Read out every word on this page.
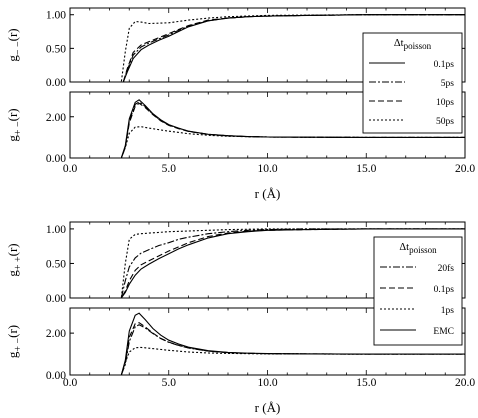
0.00
0.50
1.00
$g_{- -}(r)$
0.00
2.00
$g_{+ -}(r)$
0.0	5.0	10.0	15.0	20.0
r (Å)
Δtpoisson
0.1ps
5ps
10ps
50ps
0.00
0.50
1.00
$g_{+ +}(r)$
0.00
2.00
$g_{+ -}(r)$
0.0	5.0	10.0	15.0	20.0
r (Å)
Δtpoisson
20fs
0.1ps
1ps
EMC
